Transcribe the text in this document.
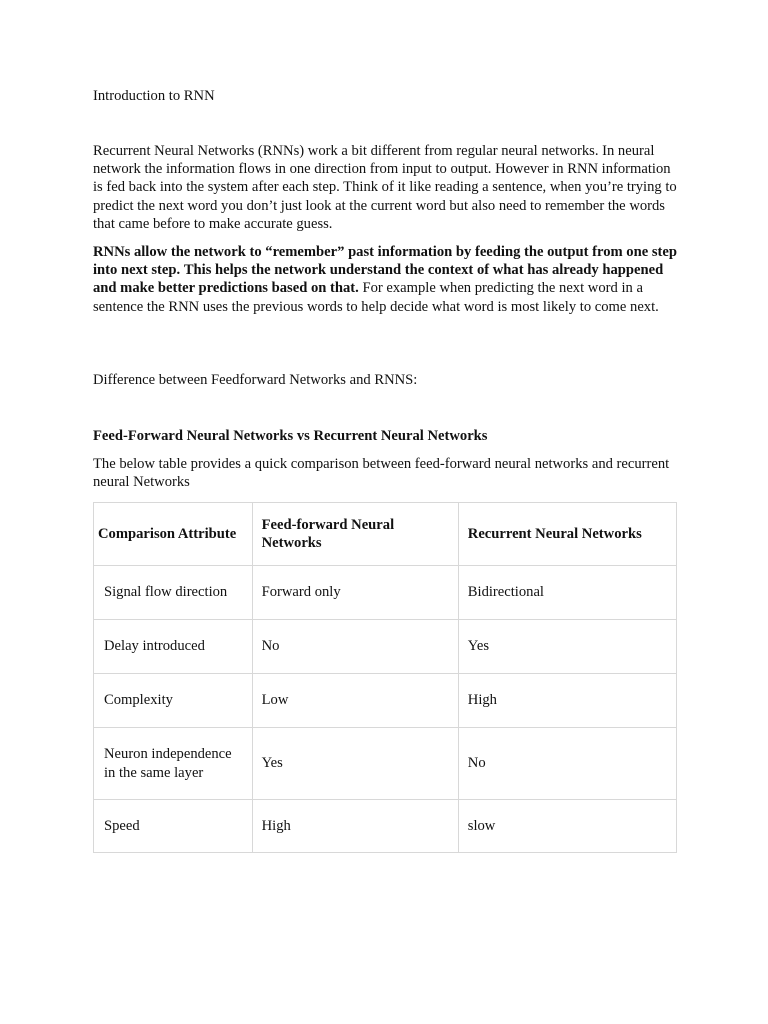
Introduction to RNN
Recurrent Neural Networks (RNNs) work a bit different from regular neural networks. In neural network the information flows in one direction from input to output. However in RNN information is fed back into the system after each step. Think of it like reading a sentence, when you’re trying to predict the next word you don’t just look at the current word but also need to remember the words that came before to make accurate guess.
RNNs allow the network to “remember” past information by feeding the output from one step into next step. This helps the network understand the context of what has already happened and make better predictions based on that. For example when predicting the next word in a sentence the RNN uses the previous words to help decide what word is most likely to come next.
Difference between Feedforward Networks and RNNS:
Feed-Forward Neural Networks vs Recurrent Neural Networks
The below table provides a quick comparison between feed-forward neural networks and recurrent neural Networks
Comparison Attribute	Feed-forward Neural Networks	Recurrent Neural Networks

Signal flow direction	Forward only	Bidirectional

Delay introduced	No	Yes

Complexity	Low	High

Neuron independence in the same layer	Yes	No

Speed	High	slow
